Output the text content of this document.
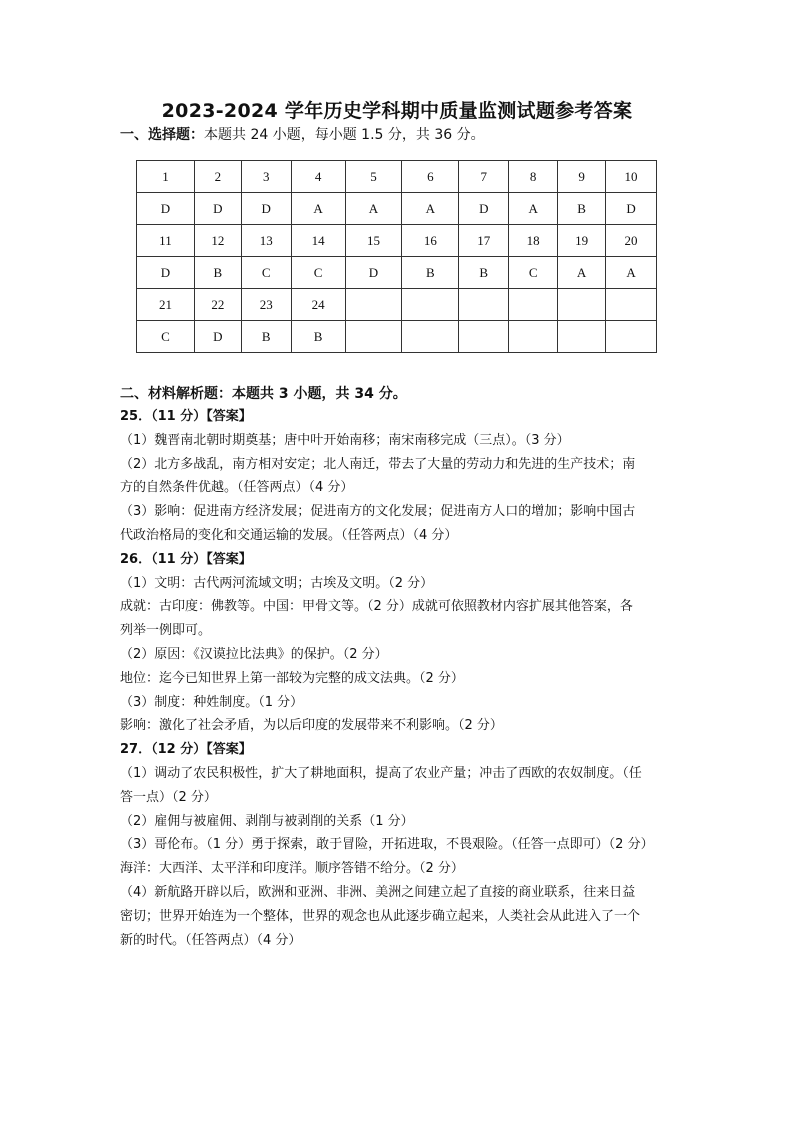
2023-2024 学年历史学科期中质量监测试题参考答案
一、选择题：本题共 24 小题，每小题 1.5 分，共 36 分。
1	2	3	4	5	6	7	8	9	10
D	D	D	A	A	A	D	A	B	D
11	12	13	14	15	16	17	18	19	20
D	B	C	C	D	B	B	C	A	A
21	22	23	24						
C	D	B	B						
二、材料解析题：本题共 3 小题，共 34 分。

25．（11 分）【答案】

（1）魏晋南北朝时期奠基；唐中叶开始南移；南宋南移完成（三点）。（3 分）

（2）北方多战乱，南方相对安定；北人南迁，带去了大量的劳动力和先进的生产技术；南

方的自然条件优越。（任答两点）（4 分）

（3）影响：促进南方经济发展；促进南方的文化发展；促进南方人口的增加；影响中国古

代政治格局的变化和交通运输的发展。（任答两点）（4 分）

26．（11 分）【答案】

（1）文明：古代两河流域文明；古埃及文明。（2 分）

成就：古印度：佛教等。中国：甲骨文等。（2 分）成就可依照教材内容扩展其他答案，各

列举一例即可。

（2）原因：《汉谟拉比法典》的保护。（2 分）

地位：迄今已知世界上第一部较为完整的成文法典。（2 分）

（3）制度：种姓制度。（1 分）

影响：激化了社会矛盾，为以后印度的发展带来不利影响。（2 分）

27．（12 分）【答案】

（1）调动了农民积极性，扩大了耕地面积，提高了农业产量；冲击了西欧的农奴制度。（任

答一点）（2 分）

（2）雇佣与被雇佣、剥削与被剥削的关系（1 分）

（3）哥伦布。（1 分）勇于探索，敢于冒险，开拓进取，不畏艰险。（任答一点即可）（2 分）

海洋：大西洋、太平洋和印度洋。顺序答错不给分。（2 分）

（4）新航路开辟以后，欧洲和亚洲、非洲、美洲之间建立起了直接的商业联系，往来日益

密切；世界开始连为一个整体，世界的观念也从此逐步确立起来，人类社会从此进入了一个

新的时代。（任答两点）（4 分）
